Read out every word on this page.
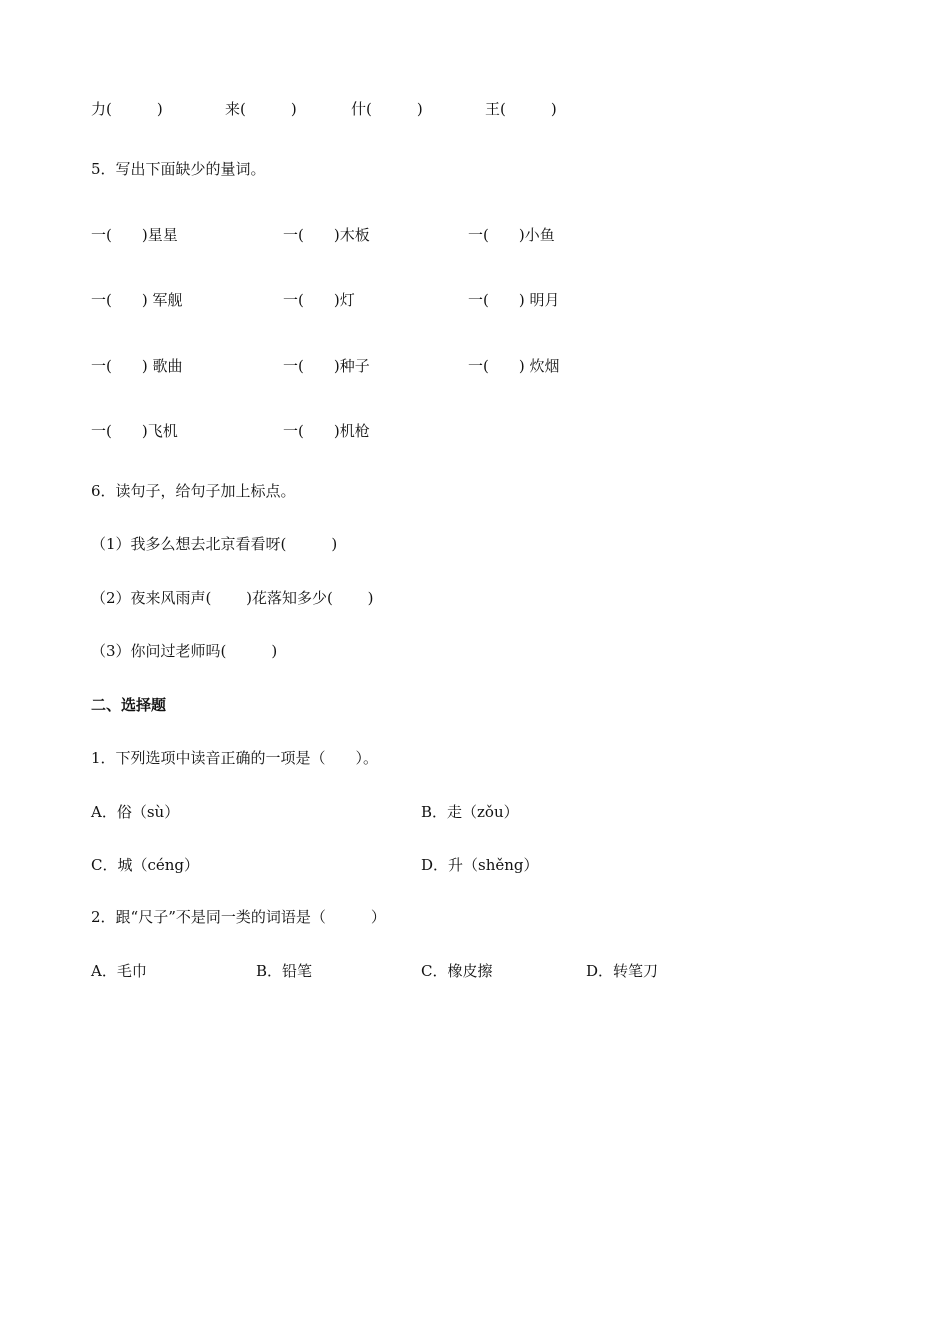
力(　　　)	来(　　　)	什(　　　)	王(　　　)
5．写出下面缺少的量词。
一(　　)星星	一(　　)木板	一(　　)小鱼
一(　　) 军舰	一(　　)灯	一(　　) 明月
一(　　) 歌曲	一(　　)种子	一(　　) 炊烟
一(　　)飞机	一(　　)机枪
6．读句子，给句子加上标点。
（1）我多么想去北京看看呀(　　　)
（2）夜来风雨声(　　 )花落知多少(　　 )
（3）你问过老师吗(　　　)
二、选择题
1．下列选项中读音正确的一项是（　　）。
A．俗（sù）	B．走（zǒu）
C．城（céng）	D．升（shěng）
2．跟“尺子”不是同一类的词语是（　　　）
A．毛巾	B．铅笔	C．橡皮擦	D．转笔刀
